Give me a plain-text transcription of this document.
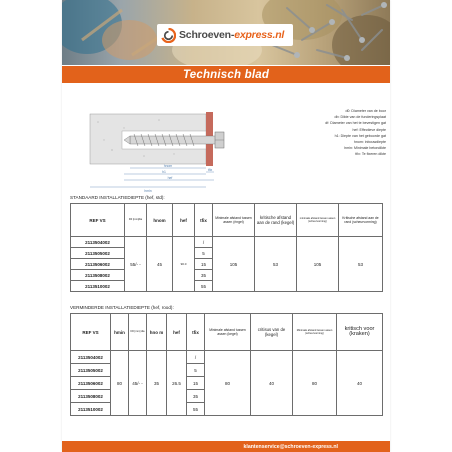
Schroeven-express.nl
Technisch blad
hnom
h1
hmin
hef
tfix
d0: Diameter van de boor
db: Dikte van de funderingsplaat
df: Diameter van het te bevestigen gat
hef: Effectieve diepte
h1: Diepte van het geboorde gat
hnom: inbouwdiepte
hmin: Minimale betondikte
tfix: Te fixeren dikte
STANDAARD INSTALLATIEDIEPTE (hef, std):
REF VS	D0 [mm]dia	hnom	hef	tfix	Minimale afstand tussen assen (ringel)	kritische afstand aan de rand (kegel)	minimale afstand tussen assen (scheurvorming)	Kritische afstand aan de rand (scheurvorming)
2113504002	55/- -	45	90.0	/	105	53	105	53
2113505002				5				
2113506002				15				
2113508002				35				
2113510002				55				
VERMINDERDE INSTALLATIEDIEPTE (hef, rood):
REF VS	hmin	D0 [mm] dia	hno m	hef	tfix	Minimale afstand tussen assen (kegel)	critisus van de (kegel)	Minimale afstand tussen assen (scheurvorming)	kritisch voor (kraken)
2113504002	80	45/- -	35	26.5	/	80	40	80	40
2113505002					5				
2113506002					15				
2113508002					35				
2113510002					55				
klantenservice@schroeven-express.nl
